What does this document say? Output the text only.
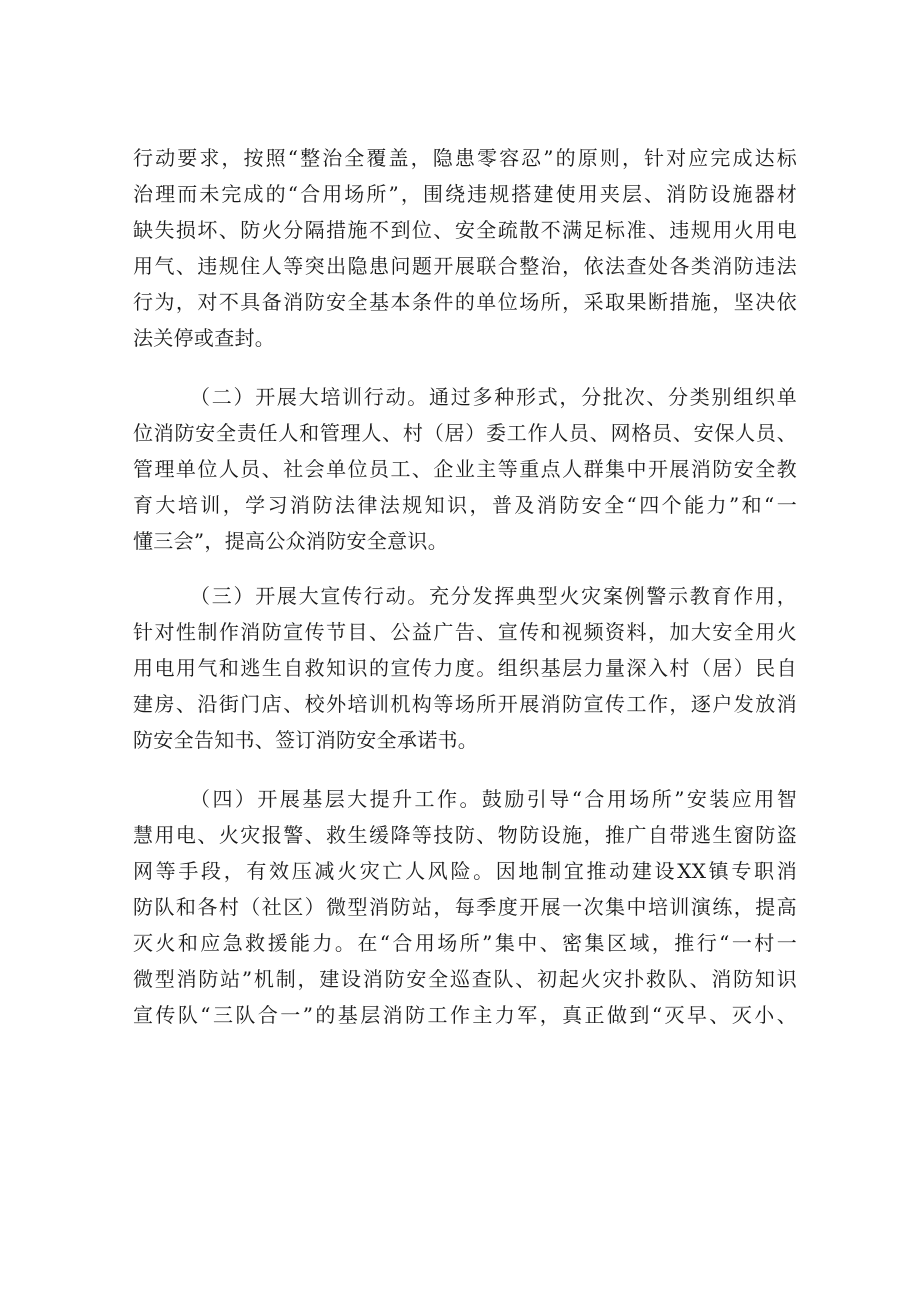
行动要求，按照“整治全覆盖，隐患零容忍”的原则，针对应完成达标
治理而未完成的“合用场所”，围绕违规搭建使用夹层、消防设施器材
缺失损坏、防火分隔措施不到位、安全疏散不满足标准、违规用火用电
用气、违规住人等突出隐患问题开展联合整治，依法查处各类消防违法
行为，对不具备消防安全基本条件的单位场所，采取果断措施，坚决依
法关停或查封。
（二）开展大培训行动。通过多种形式，分批次、分类别组织单
位消防安全责任人和管理人、村（居）委工作人员、网格员、安保人员、
管理单位人员、社会单位员工、企业主等重点人群集中开展消防安全教
育大培训，学习消防法律法规知识，普及消防安全“四个能力”和“一
懂三会”，提高公众消防安全意识。
（三）开展大宣传行动。充分发挥典型火灾案例警示教育作用，
针对性制作消防宣传节目、公益广告、宣传和视频资料，加大安全用火
用电用气和逃生自救知识的宣传力度。组织基层力量深入村（居）民自
建房、沿街门店、校外培训机构等场所开展消防宣传工作，逐户发放消
防安全告知书、签订消防安全承诺书。
（四）开展基层大提升工作。鼓励引导“合用场所”安装应用智
慧用电、火灾报警、救生缓降等技防、物防设施，推广自带逃生窗防盗
网等手段，有效压减火灾亡人风险。因地制宜推动建设XX镇专职消
防队和各村（社区）微型消防站，每季度开展一次集中培训演练，提高
灭火和应急救援能力。在“合用场所”集中、密集区域，推行“一村一
微型消防站”机制，建设消防安全巡查队、初起火灾扑救队、消防知识
宣传队“三队合一”的基层消防工作主力军，真正做到“灭早、灭小、
